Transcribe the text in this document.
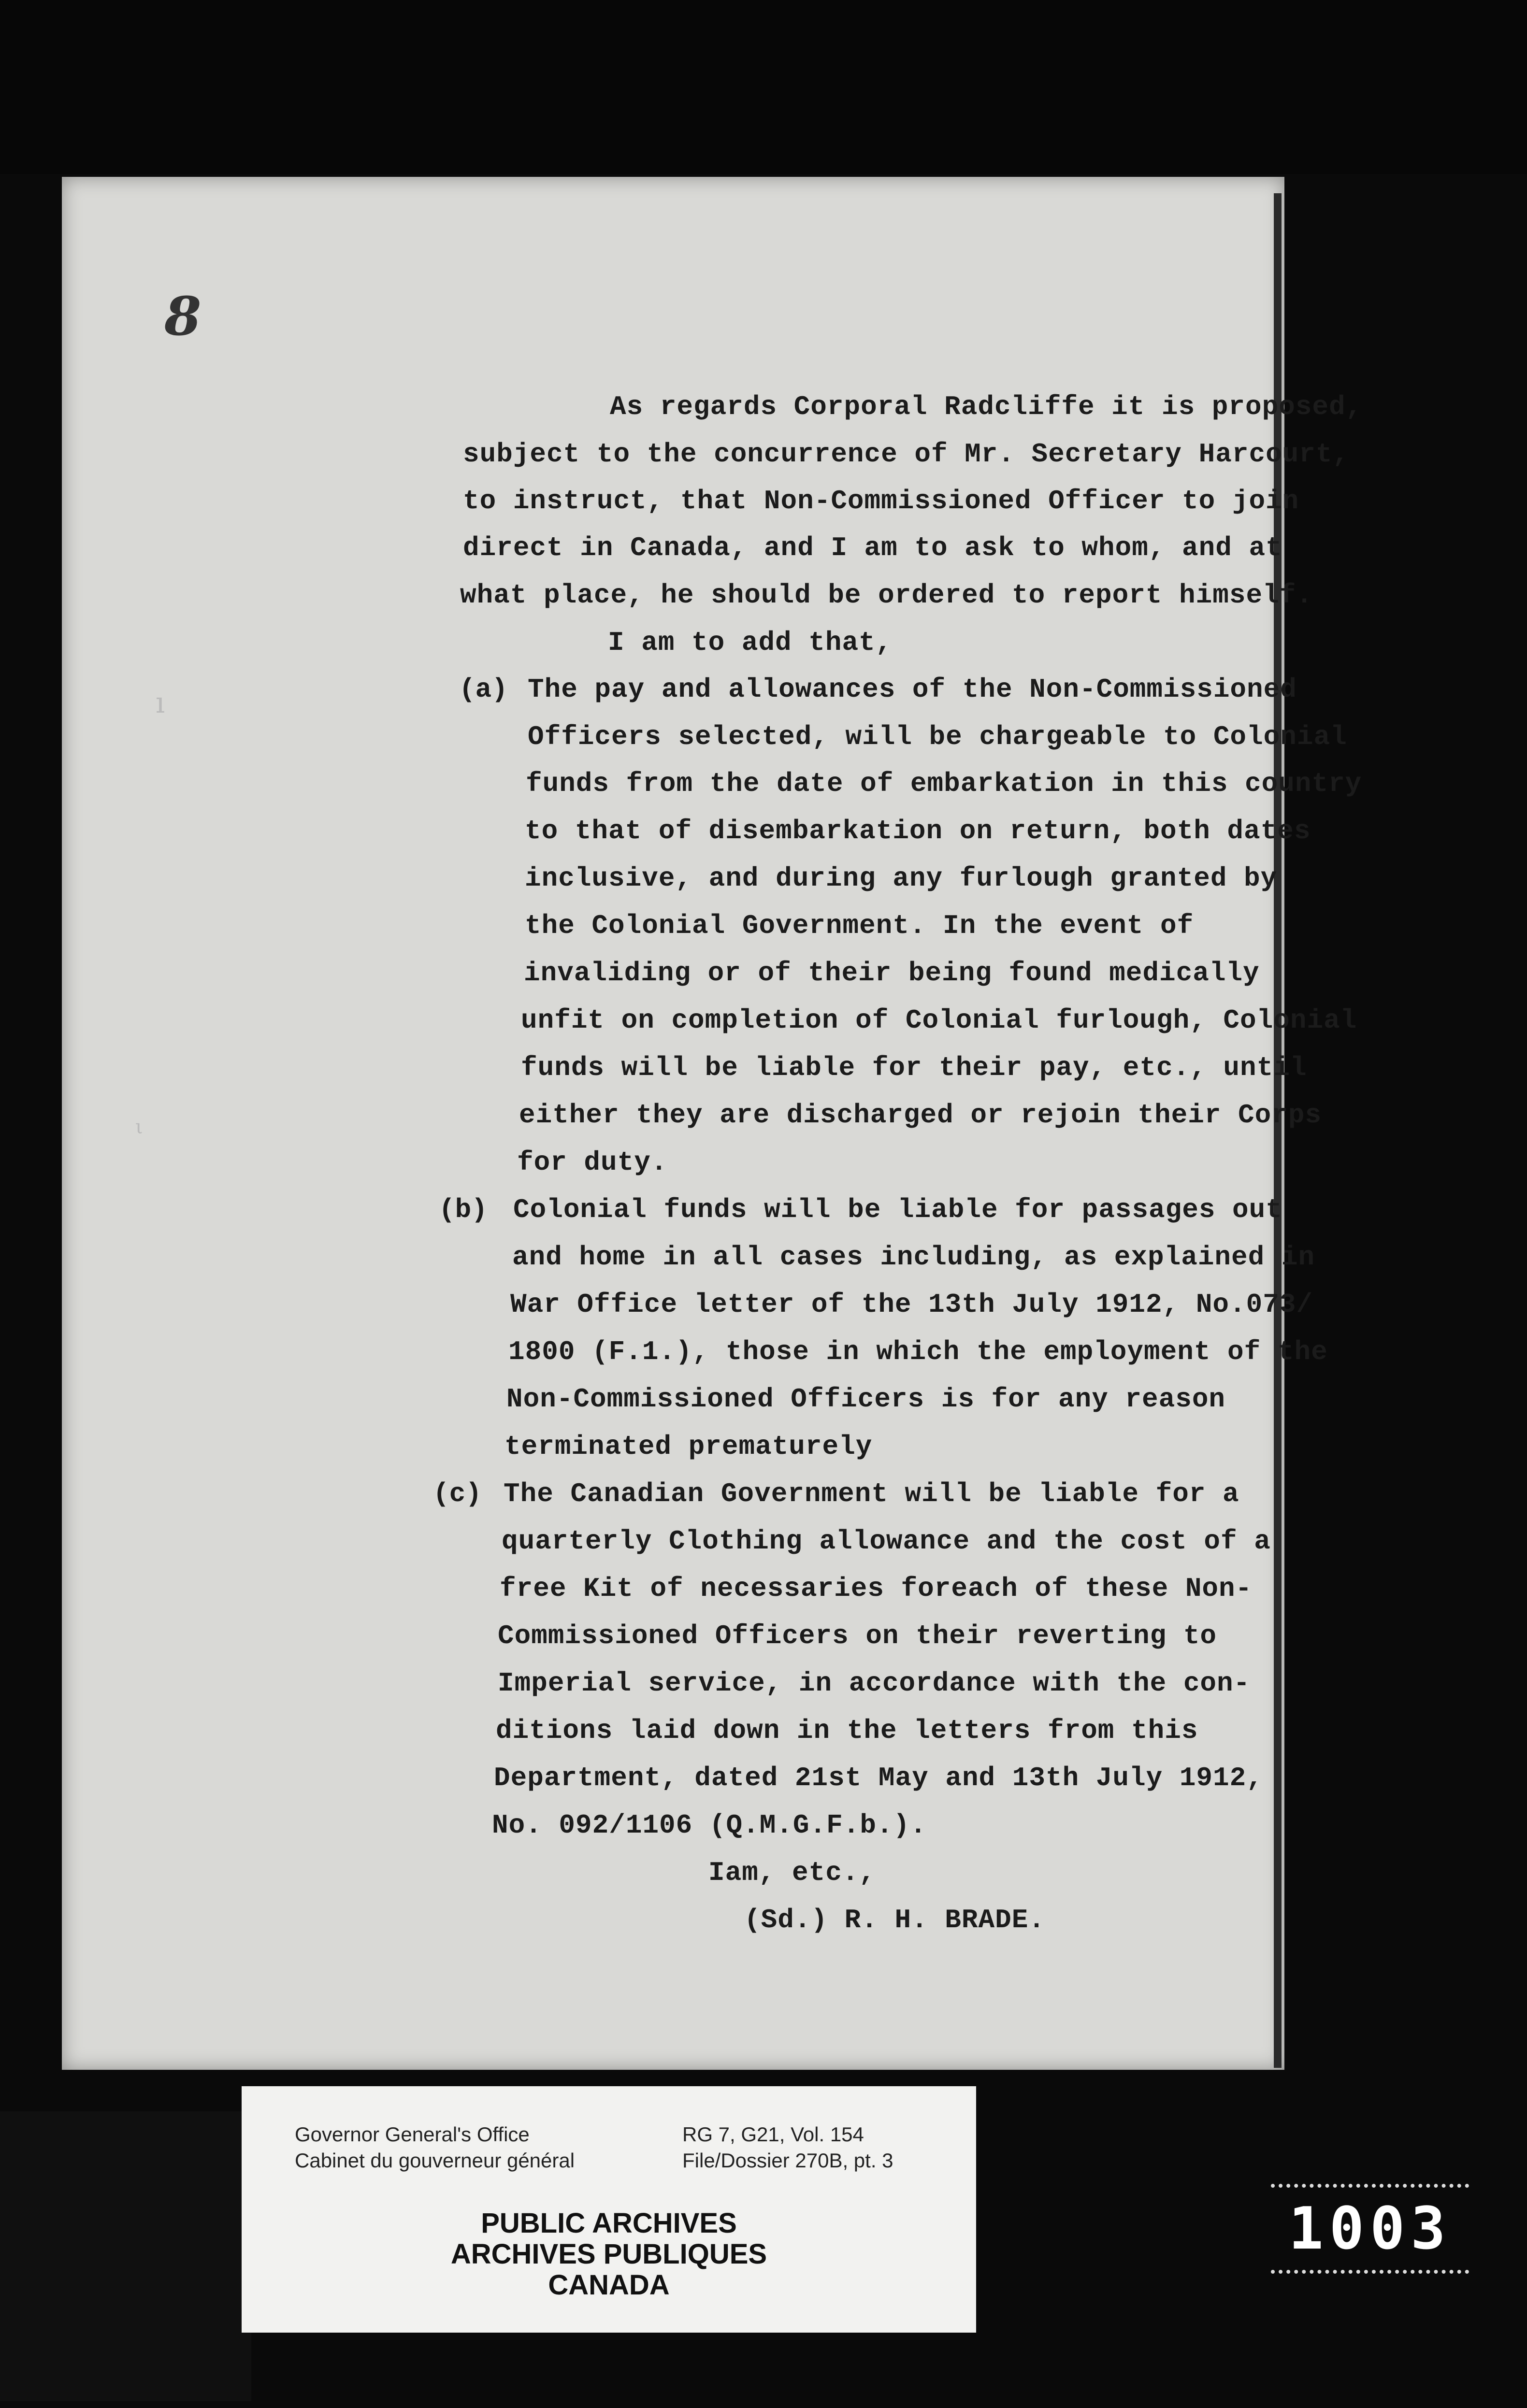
8
ı
ι
As regards Corporal Radcliffe it is proposed,
subject to the concurrence of Mr. Secretary Harcourt,
to instruct, that Non-Commissioned Officer to join
direct in Canada, and I am to ask to whom, and at
what place, he should be ordered to report himself.
I am to add that,
(a) The pay and allowances of the Non-Commissioned
Officers selected, will be chargeable to Colonial
funds from the date of embarkation in this country
to that of disembarkation on return, both dates
inclusive, and during any furlough granted by
the Colonial Government. In the event of
invaliding or of their being found medically
unfit on completion of Colonial furlough, Colonial
funds will be liable for their pay, etc., until
either they are discharged or rejoin their Corps
for duty.
(b) Colonial funds will be liable for passages out
and home in all cases including, as explained in
War Office letter of the 13th July 1912, No.073/
1800 (F.1.), those in which the employment of the
Non-Commissioned Officers is for any reason
terminated prematurely
(c) The Canadian Government will be liable for a
quarterly Clothing allowance and the cost of a
free Kit of necessaries foreach of these Non-
Commissioned Officers on their reverting to
Imperial service, in accordance with the con-
ditions laid down in the letters from this
Department, dated 21st May and 13th July 1912,
No. 092/1106 (Q.M.G.F.b.).
Iam, etc.,
(Sd.) R. H. BRADE.
Governor General's Office
Cabinet du gouverneur général
RG 7, G21, Vol. 154
File/Dossier 270B, pt. 3
PUBLIC ARCHIVES
ARCHIVES PUBLIQUES
CANADA
1003
